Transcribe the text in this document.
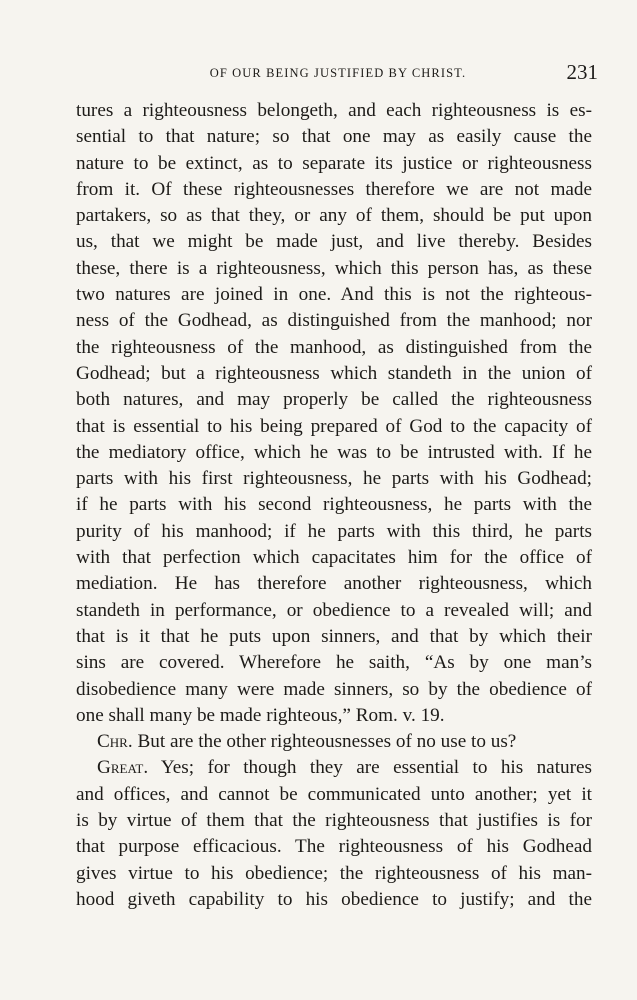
OF OUR BEING JUSTIFIED BY CHRIST.	231
tures a righteousness belongeth, and each righteousness is es-
sential to that nature; so that one may as easily cause the
nature to be extinct, as to separate its justice or righteousness
from it. Of these righteousnesses therefore we are not made
partakers, so as that they, or any of them, should be put upon
us, that we might be made just, and live thereby. Besides
these, there is a righteousness, which this person has, as these
two natures are joined in one. And this is not the righteous-
ness of the Godhead, as distinguished from the manhood; nor
the righteousness of the manhood, as distinguished from the
Godhead; but a righteousness which standeth in the union of
both natures, and may properly be called the righteousness
that is essential to his being prepared of God to the capacity of
the mediatory office, which he was to be intrusted with. If he
parts with his first righteousness, he parts with his Godhead;
if he parts with his second righteousness, he parts with the
purity of his manhood; if he parts with this third, he parts
with that perfection which capacitates him for the office of
mediation. He has therefore another righteousness, which
standeth in performance, or obedience to a revealed will; and
that is it that he puts upon sinners, and that by which their
sins are covered. Wherefore he saith, “As by one man’s
disobedience many were made sinners, so by the obedience of
one shall many be made righteous,” Rom. v. 19.
Chr. But are the other righteousnesses of no use to us?
Great. Yes; for though they are essential to his natures
and offices, and cannot be communicated unto another; yet it
is by virtue of them that the righteousness that justifies is for
that purpose efficacious. The righteousness of his Godhead
gives virtue to his obedience; the righteousness of his man-
hood giveth capability to his obedience to justify; and the
